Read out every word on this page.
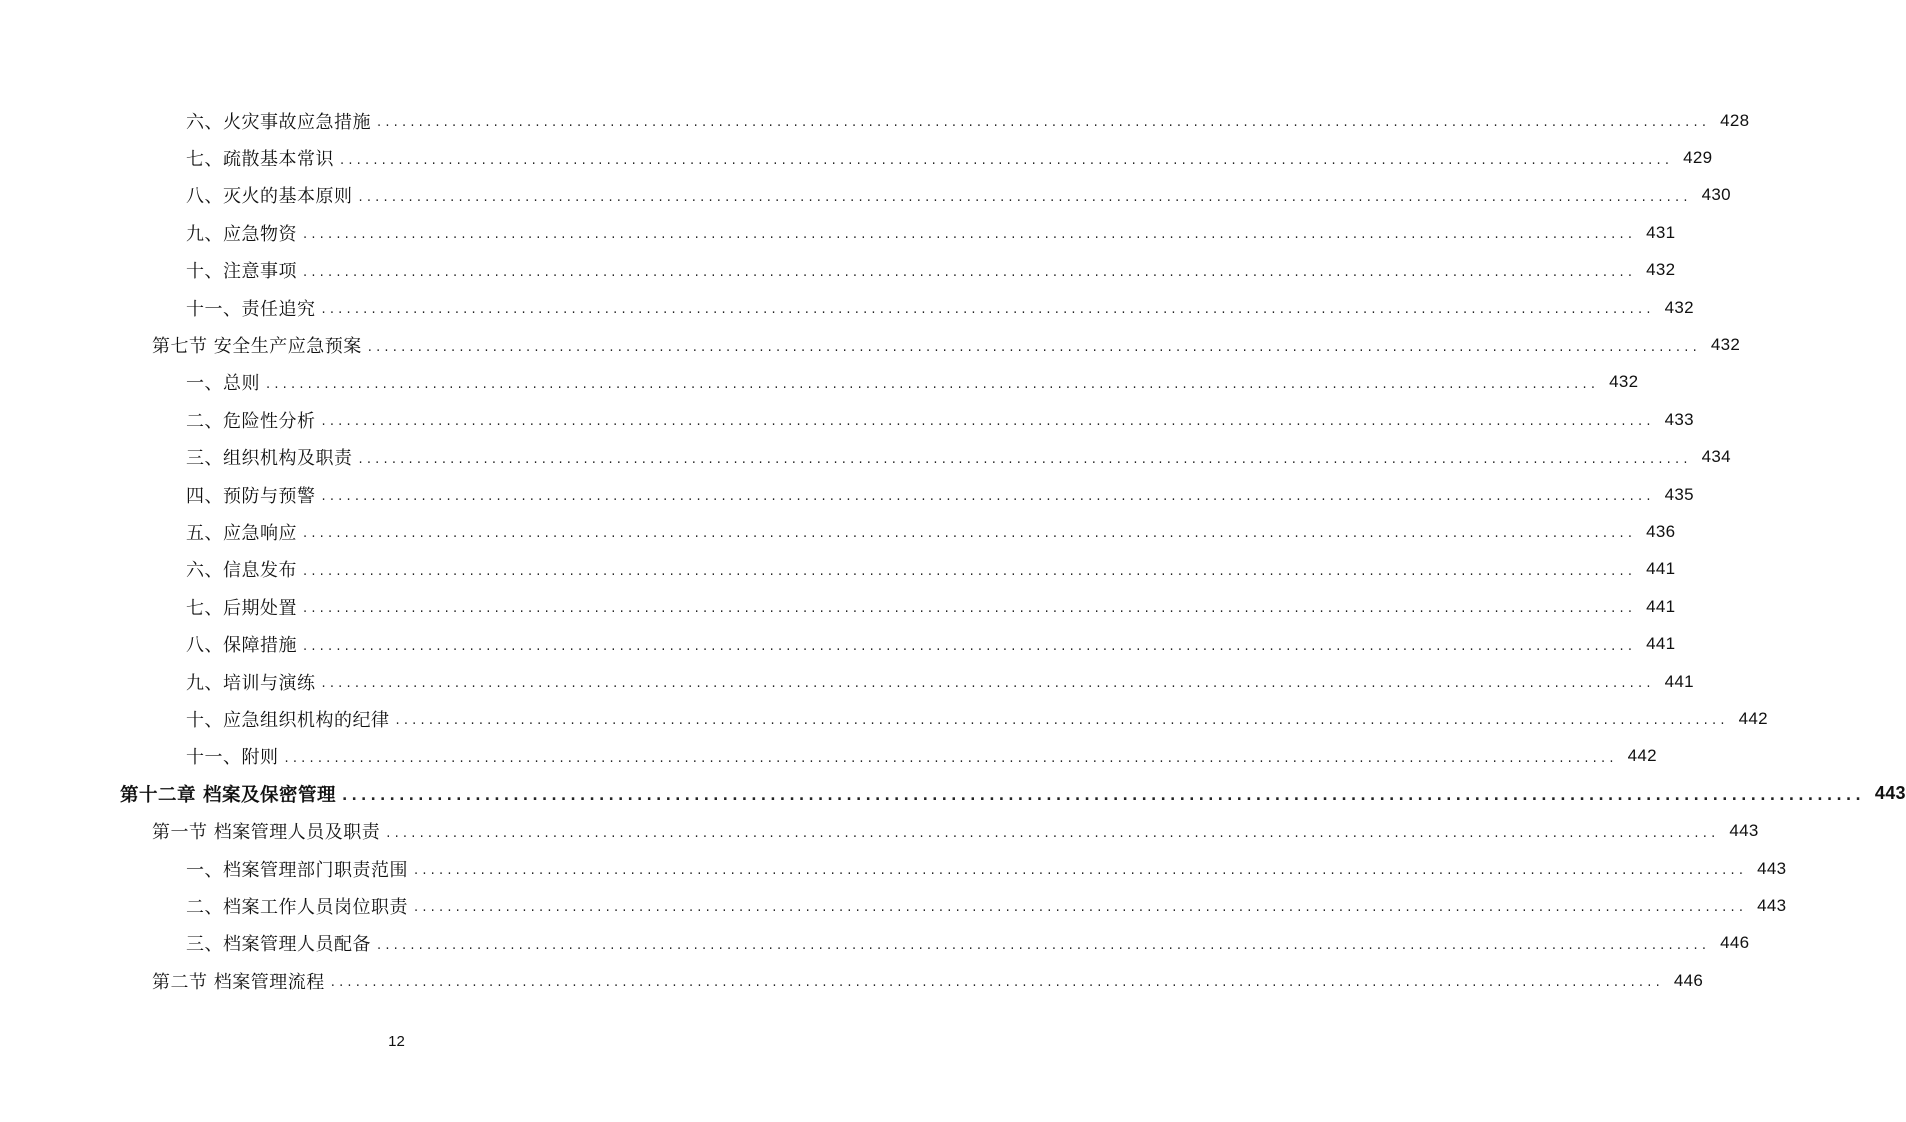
六、火灾事故应急措施 ................................................................................................................................................................ 428
七、疏散基本常识 ................................................................................................................................................................ 429
八、灭火的基本原则 ................................................................................................................................................................ 430
九、应急物资 ................................................................................................................................................................ 431
十、注意事项 ................................................................................................................................................................ 432
十一、责任追究 ................................................................................................................................................................ 432
第七节 安全生产应急预案 ................................................................................................................................................................ 432
一、总则 ................................................................................................................................................................ 432
二、危险性分析 ................................................................................................................................................................ 433
三、组织机构及职责 ................................................................................................................................................................ 434
四、预防与预警 ................................................................................................................................................................ 435
五、应急响应 ................................................................................................................................................................ 436
六、信息发布 ................................................................................................................................................................ 441
七、后期处置 ................................................................................................................................................................ 441
八、保障措施 ................................................................................................................................................................ 441
九、培训与演练 ................................................................................................................................................................ 441
十、应急组织机构的纪律 ................................................................................................................................................................ 442
十一、附则 ................................................................................................................................................................ 442
第十二章 档案及保密管理 ................................................................................................................................................................ 443
第一节 档案管理人员及职责 ................................................................................................................................................................ 443
一、档案管理部门职责范围 ................................................................................................................................................................ 443
二、档案工作人员岗位职责 ................................................................................................................................................................ 443
三、档案管理人员配备 ................................................................................................................................................................ 446
第二节 档案管理流程 ................................................................................................................................................................ 446
12
